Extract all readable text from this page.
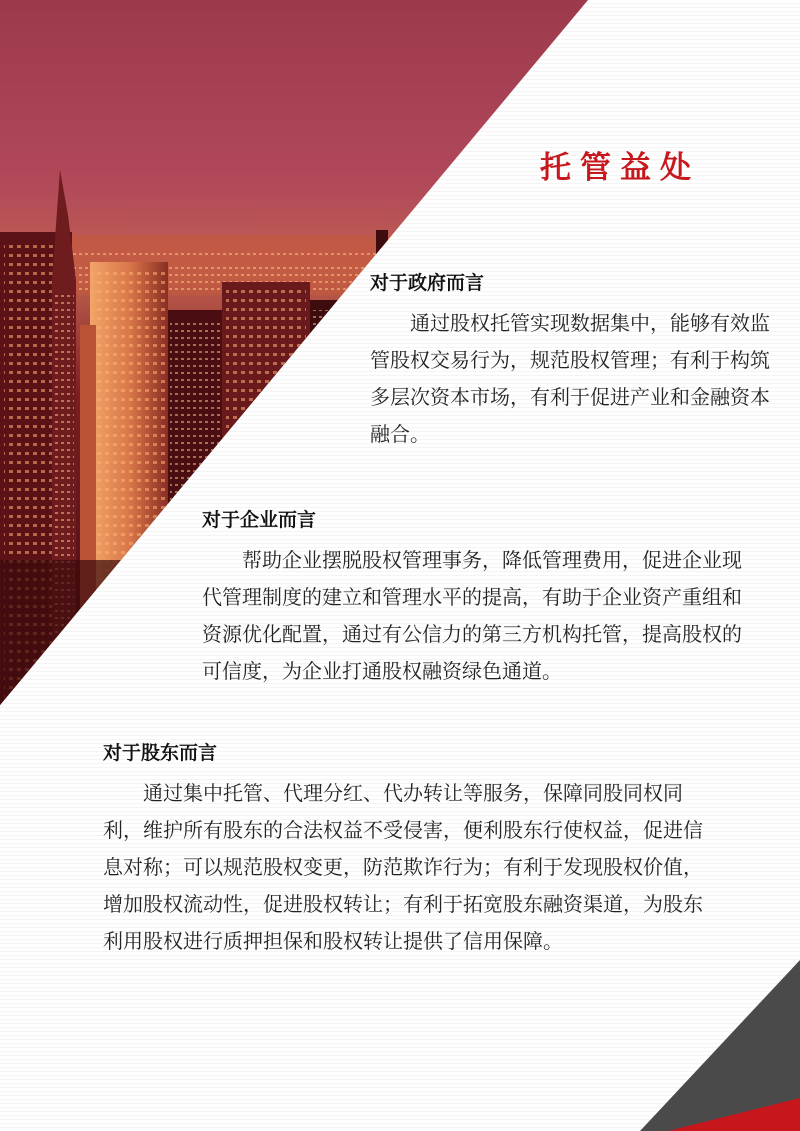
托管益处
对于政府而言

通过股权托管实现数据集中，能够有效监管股权交易行为，规范股权管理；有利于构筑多层次资本市场，有利于促进产业和金融资本融合。

对于企业而言

帮助企业摆脱股权管理事务，降低管理费用，促进企业现代管理制度的建立和管理水平的提高，有助于企业资产重组和资源优化配置，通过有公信力的第三方机构托管，提高股权的可信度，为企业打通股权融资绿色通道。

对于股东而言

通过集中托管、代理分红、代办转让等服务，保障同股同权同利，维护所有股东的合法权益不受侵害，便利股东行使权益，促进信息对称；可以规范股权变更，防范欺诈行为；有利于发现股权价值，增加股权流动性，促进股权转让；有利于拓宽股东融资渠道，为股东利用股权进行质押担保和股权转让提供了信用保障。
